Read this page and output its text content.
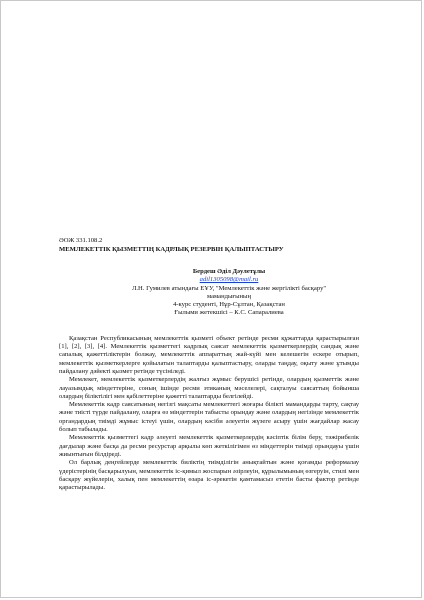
ӘОЖ 331.108.2
МЕМЛЕКЕТТІК ҚЫЗМЕТТІҢ КАДРЛЫҚ РЕЗЕРВІН ҚАЛЫПТАСТЫРУ
Бердеш Әділ Дәулетұлы
adil1305098@mail.ru
Л.Н. Гумилев атындағы ЕҰУ, "Мемлекеттік және жергілікті басқару"
мамандығының
4-курс студенті, Нұр-Сұлтан, Қазақстан
Ғылыми жетекшісі – К.С. Сапаралиева

Қазақстан Республикасының мемлекеттік қызметі объект ретінде ресми құжаттарда қарастырылған [1], [2], [3], [4]. Мемлекеттік қызметтегі кадрлық саясат мемлекеттік қызметкерлердің сандық және сапалық қажеттіліктерін болжау, мемлекеттік аппараттың жай-күйі мен келешегін ескере отырып, мемлекеттік қызметкерлерге қойылатын талаптарды қалыптастыру, оларды таңдау, оқыту және ұтымды пайдалану дәйекті қызмет ретінде түсініледі.

Мемлекет, мемлекеттік қызметкерлердің жалғыз жұмыс берушісі ретінде, олардың қызметтік және лауазымдық міндеттеріне, соның ішінде ресми этиканың мәселелері, сақталуы саясаттың бойынша олардың біліктілігі мен қабілеттеріне қажетті талаптарды белгілейді.

Мемлекеттік кадр саясатының негізгі мақсаты мемлекеттегі жоғары білікті мамандарды тарту, сақтау және тиісті түрде пайдалану, оларға өз міндеттерін табысты орындау және олардың негізінде мемлекеттік органдардың тиімді жұмыс істеуі үшін, олардың кәсіби әлеуетін жүзеге асыру үшін жағдайлар жасау болып табылады.

Мемлекеттік қызметтегі кадр әлеуеті мемлекеттік қызметкерлердің кәсіптік білім беру, тәжірибелік дағдылар және басқа да ресми ресурстар арқылы көп жеткілігімен өз міндеттерін тиімді орындауы үшін жиынтығын білдіреді.

Ол барлық деңгейлерде мемлекеттік биліктің тиімділігін анықтайтын және қоғамды реформалау үдерістерінің басқарылуын, мемлекеттік іс-қимыл жоспарын әзірлеуін, құрылымының өзгеруін, стилі мен басқару жүйелерін, халық пен мемлекеттің өзара іс-әрекетін қамтамасыз ететін басты фактор ретінде қарастырылады.
